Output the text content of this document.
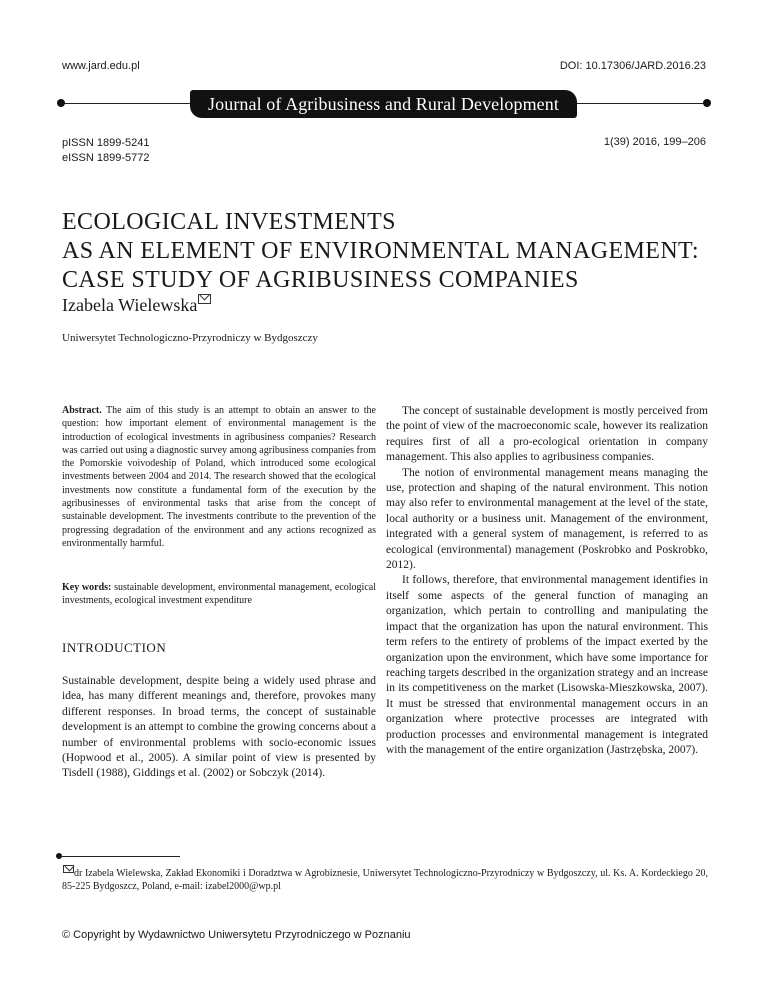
www.jard.edu.pl	DOI: 10.17306/JARD.2016.23
Journal of Agribusiness and Rural Development
pISSN 1899-5241
eISSN 1899-5772
1(39) 2016, 199–206
ECOLOGICAL INVESTMENTS
AS AN ELEMENT OF ENVIRONMENTAL MANAGEMENT:
CASE STUDY OF AGRIBUSINESS COMPANIES
Izabela Wielewska
Uniwersytet Technologiczno-Przyrodniczy w Bydgoszczy
Abstract. The aim of this study is an attempt to obtain an answer to the question: how important element of environmental management is the introduction of ecological investments in agribusiness companies? Research was carried out using a diagnostic survey among agribusiness companies from the Pomorskie voivodeship of Poland, which introduced some ecological investments between 2004 and 2014. The research showed that the ecological investments now constitute a fundamental form of the execution by the agribusinesses of environmental tasks that arise from the concept of sustainable development. The investments contribute to the prevention of the progressing degradation of the environment and any actions recognized as environmentally harmful.
Key words: sustainable development, environmental management, ecological investments, ecological investment expenditure
INTRODUCTION

Sustainable development, despite being a widely used phrase and idea, has many different meanings and, therefore, provokes many different responses. In broad terms, the concept of sustainable development is an attempt to combine the growing concerns about a number of environmental problems with socio-economic issues (Hopwood et al., 2005). A similar point of view is presented by Tisdell (1988), Giddings et al. (2002) or Sobczyk (2014).

The concept of sustainable development is mostly perceived from the point of view of the macroeconomic scale, however its realization requires first of all a pro-ecological orientation in company management. This also applies to agribusiness companies.

The notion of environmental management means managing the use, protection and shaping of the natural environment. This notion may also refer to environmental management at the level of the state, local authority or a business unit. Management of the environment, integrated with a general system of management, is referred to as ecological (environmental) management (Poskrobko and Poskrobko, 2012).

It follows, therefore, that environmental management identifies in itself some aspects of the general function of managing an organization, which pertain to controlling and manipulating the impact that the organization has upon the natural environment. This term refers to the entirety of problems of the impact exerted by the organization upon the environment, which have some importance for reaching targets described in the organization strategy and an increase in its competitiveness on the market (Lisowska-Mieszkowska, 2007). It must be stressed that environmental management occurs in an organization where protective processes are integrated with production processes and environmental management is integrated with the management of the entire organization (Jastrzębska, 2007).

dr Izabela Wielewska, Zakład Ekonomiki i Doradztwa w Agrobiznesie, Uniwersytet Technologiczno-Przyrodniczy w Bydgoszczy, ul. Ks. A. Kordeckiego 20, 85-225 Bydgoszcz, Poland, e-mail: izabel2000@wp.pl
© Copyright by Wydawnictwo Uniwersytetu Przyrodniczego w Poznaniu
